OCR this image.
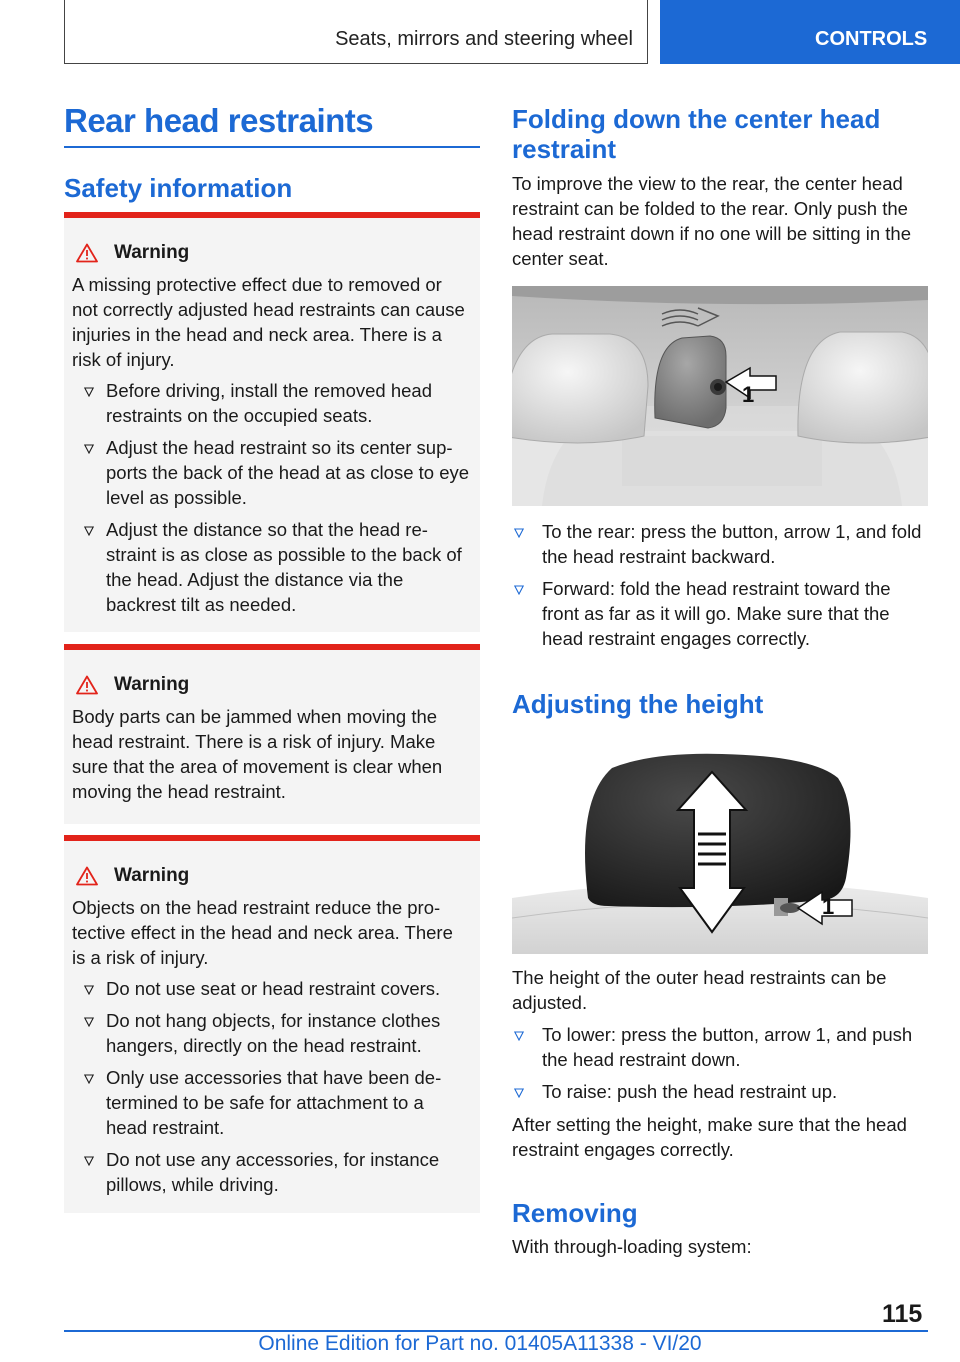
Seats, mirrors and steering wheel	CONTROLS
Rear head restraints
Safety information
Warning

A missing protective effect due to removed or not correctly adjusted head restraints can cause injuries in the head and neck area. There is a risk of injury.

Before driving, install the removed head restraints on the occupied seats.
Adjust the head restraint so its center sup‐ports the back of the head at as close to eye level as possible.
Adjust the distance so that the head re‐straint is as close as possible to the back of the head. Adjust the distance via the backrest tilt as needed.
Warning

Body parts can be jammed when moving the head restraint. There is a risk of injury. Make sure that the area of movement is clear when moving the head restraint.

Warning

Objects on the head restraint reduce the pro‐tective effect in the head and neck area. There is a risk of injury.

Do not use seat or head restraint covers.
Do not hang objects, for instance clothes hangers, directly on the head restraint.
Only use accessories that have been de‐termined to be safe for attachment to a head restraint.
Do not use any accessories, for instance pillows, while driving.
Folding down the center head restraint

To improve the view to the rear, the center head restraint can be folded to the rear. Only push the head restraint down if no one will be sitting in the center seat.

1
To the rear: press the button, arrow 1, and fold the head restraint backward.
Forward: fold the head restraint toward the front as far as it will go. Make sure that the head restraint engages correctly.
Adjusting the height
1

The height of the outer head restraints can be adjusted.

To lower: press the button, arrow 1, and push the head restraint down.
To raise: push the head restraint up.

After setting the height, make sure that the head restraint engages correctly.

Removing

With through-loading system:

115
Online Edition for Part no. 01405A11338 - VI/20
